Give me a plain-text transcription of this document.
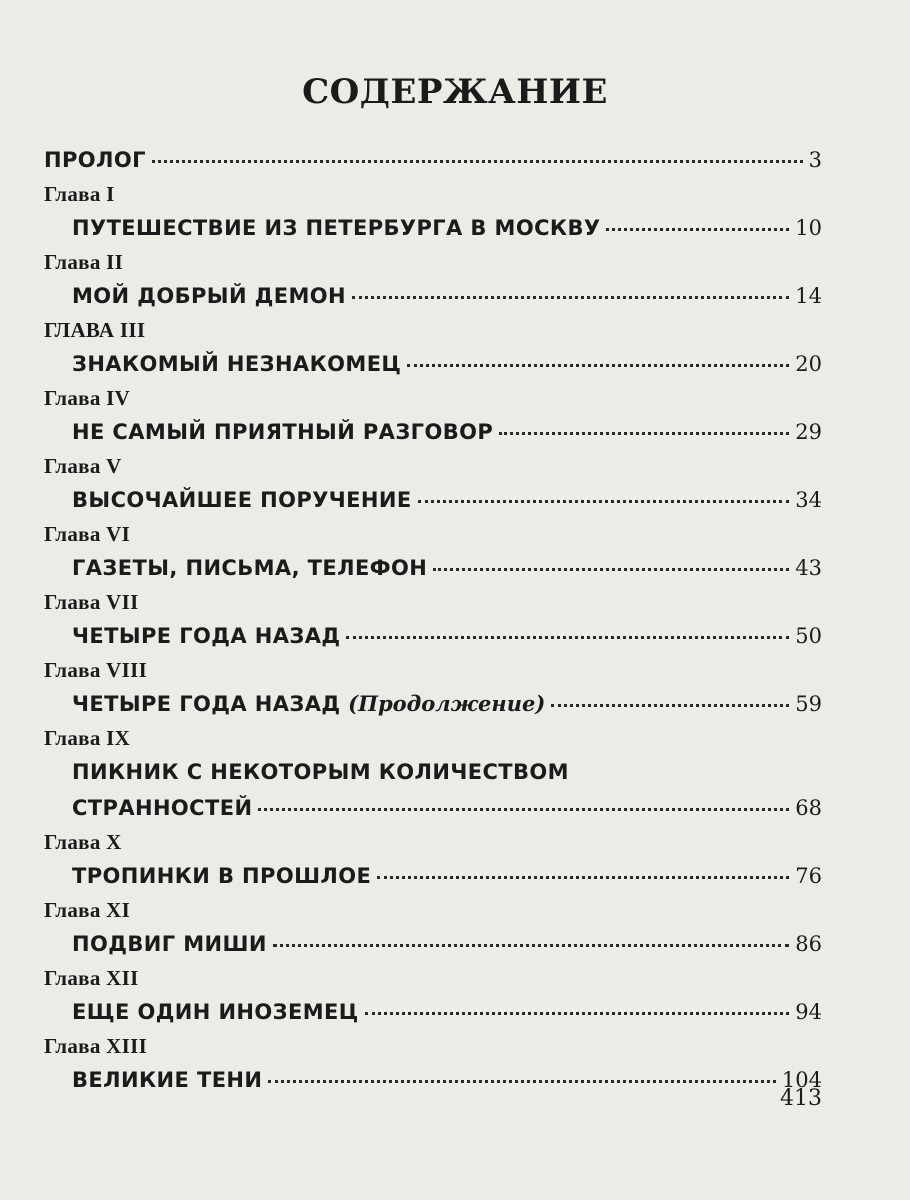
СОДЕРЖАНИЕ
ПРОЛОГ	3
Глава I
ПУТЕШЕСТВИЕ ИЗ ПЕТЕРБУРГА В МОСКВУ	10
Глава II
МОЙ ДОБРЫЙ ДЕМОН	14
ГЛАВА III
ЗНАКОМЫЙ НЕЗНАКОМЕЦ	20
Глава IV
НЕ САМЫЙ ПРИЯТНЫЙ РАЗГОВОР	29
Глава V
ВЫСОЧАЙШЕЕ ПОРУЧЕНИЕ	34
Глава VI
ГАЗЕТЫ, ПИСЬМА, ТЕЛЕФОН	43
Глава VII
ЧЕТЫРЕ ГОДА НАЗАД	50
Глава VIII
ЧЕТЫРЕ ГОДА НАЗАД (Продолжение)	59
Глава IX
ПИКНИК С НЕКОТОРЫМ КОЛИЧЕСТВОМ
СТРАННОСТЕЙ	68
Глава X
ТРОПИНКИ В ПРОШЛОЕ	76
Глава XI
ПОДВИГ МИШИ	86
Глава XII
ЕЩЕ ОДИН ИНОЗЕМЕЦ	94
Глава XIII
ВЕЛИКИЕ ТЕНИ	104
413
